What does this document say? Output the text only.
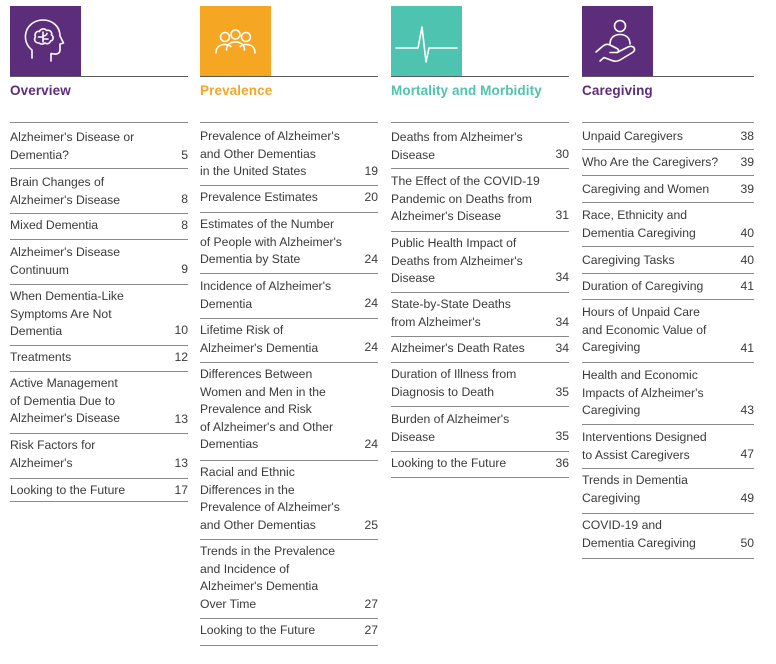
Overview
Alzheimer's Disease or
Dementia?	5
Brain Changes of
Alzheimer's Disease	8
Mixed Dementia	8
Alzheimer's Disease
Continuum	9
When Dementia-Like
Symptoms Are Not
Dementia	10
Treatments	12
Active Management
of Dementia Due to
Alzheimer's Disease	13
Risk Factors for
Alzheimer's	13
Looking to the Future	17
Prevalence
Prevalence of Alzheimer's
and Other Dementias
in the United States	19
Prevalence Estimates	20
Estimates of the Number
of People with Alzheimer's
Dementia by State	24
Incidence of Alzheimer's
Dementia	24
Lifetime Risk of
Alzheimer's Dementia	24
Differences Between
Women and Men in the
Prevalence and Risk
of Alzheimer's and Other
Dementias	24
Racial and Ethnic
Differences in the
Prevalence of Alzheimer's
and Other Dementias	25
Trends in the Prevalence
and Incidence of
Alzheimer's Dementia
Over Time	27
Looking to the Future	27
Mortality and Morbidity
Deaths from Alzheimer's
Disease	30
The Effect of the COVID-19
Pandemic on Deaths from
Alzheimer's Disease	31
Public Health Impact of
Deaths from Alzheimer's
Disease	34
State-by-State Deaths
from Alzheimer's	34
Alzheimer's Death Rates	34
Duration of Illness from
Diagnosis to Death	35
Burden of Alzheimer's
Disease	35
Looking to the Future	36
Caregiving
Unpaid Caregivers	38
Who Are the Caregivers?	39
Caregiving and Women	39
Race, Ethnicity and
Dementia Caregiving	40
Caregiving Tasks	40
Duration of Caregiving	41
Hours of Unpaid Care
and Economic Value of
Caregiving	41
Health and Economic
Impacts of Alzheimer's
Caregiving	43
Interventions Designed
to Assist Caregivers	47
Trends in Dementia
Caregiving	49
COVID-19 and
Dementia Caregiving	50
